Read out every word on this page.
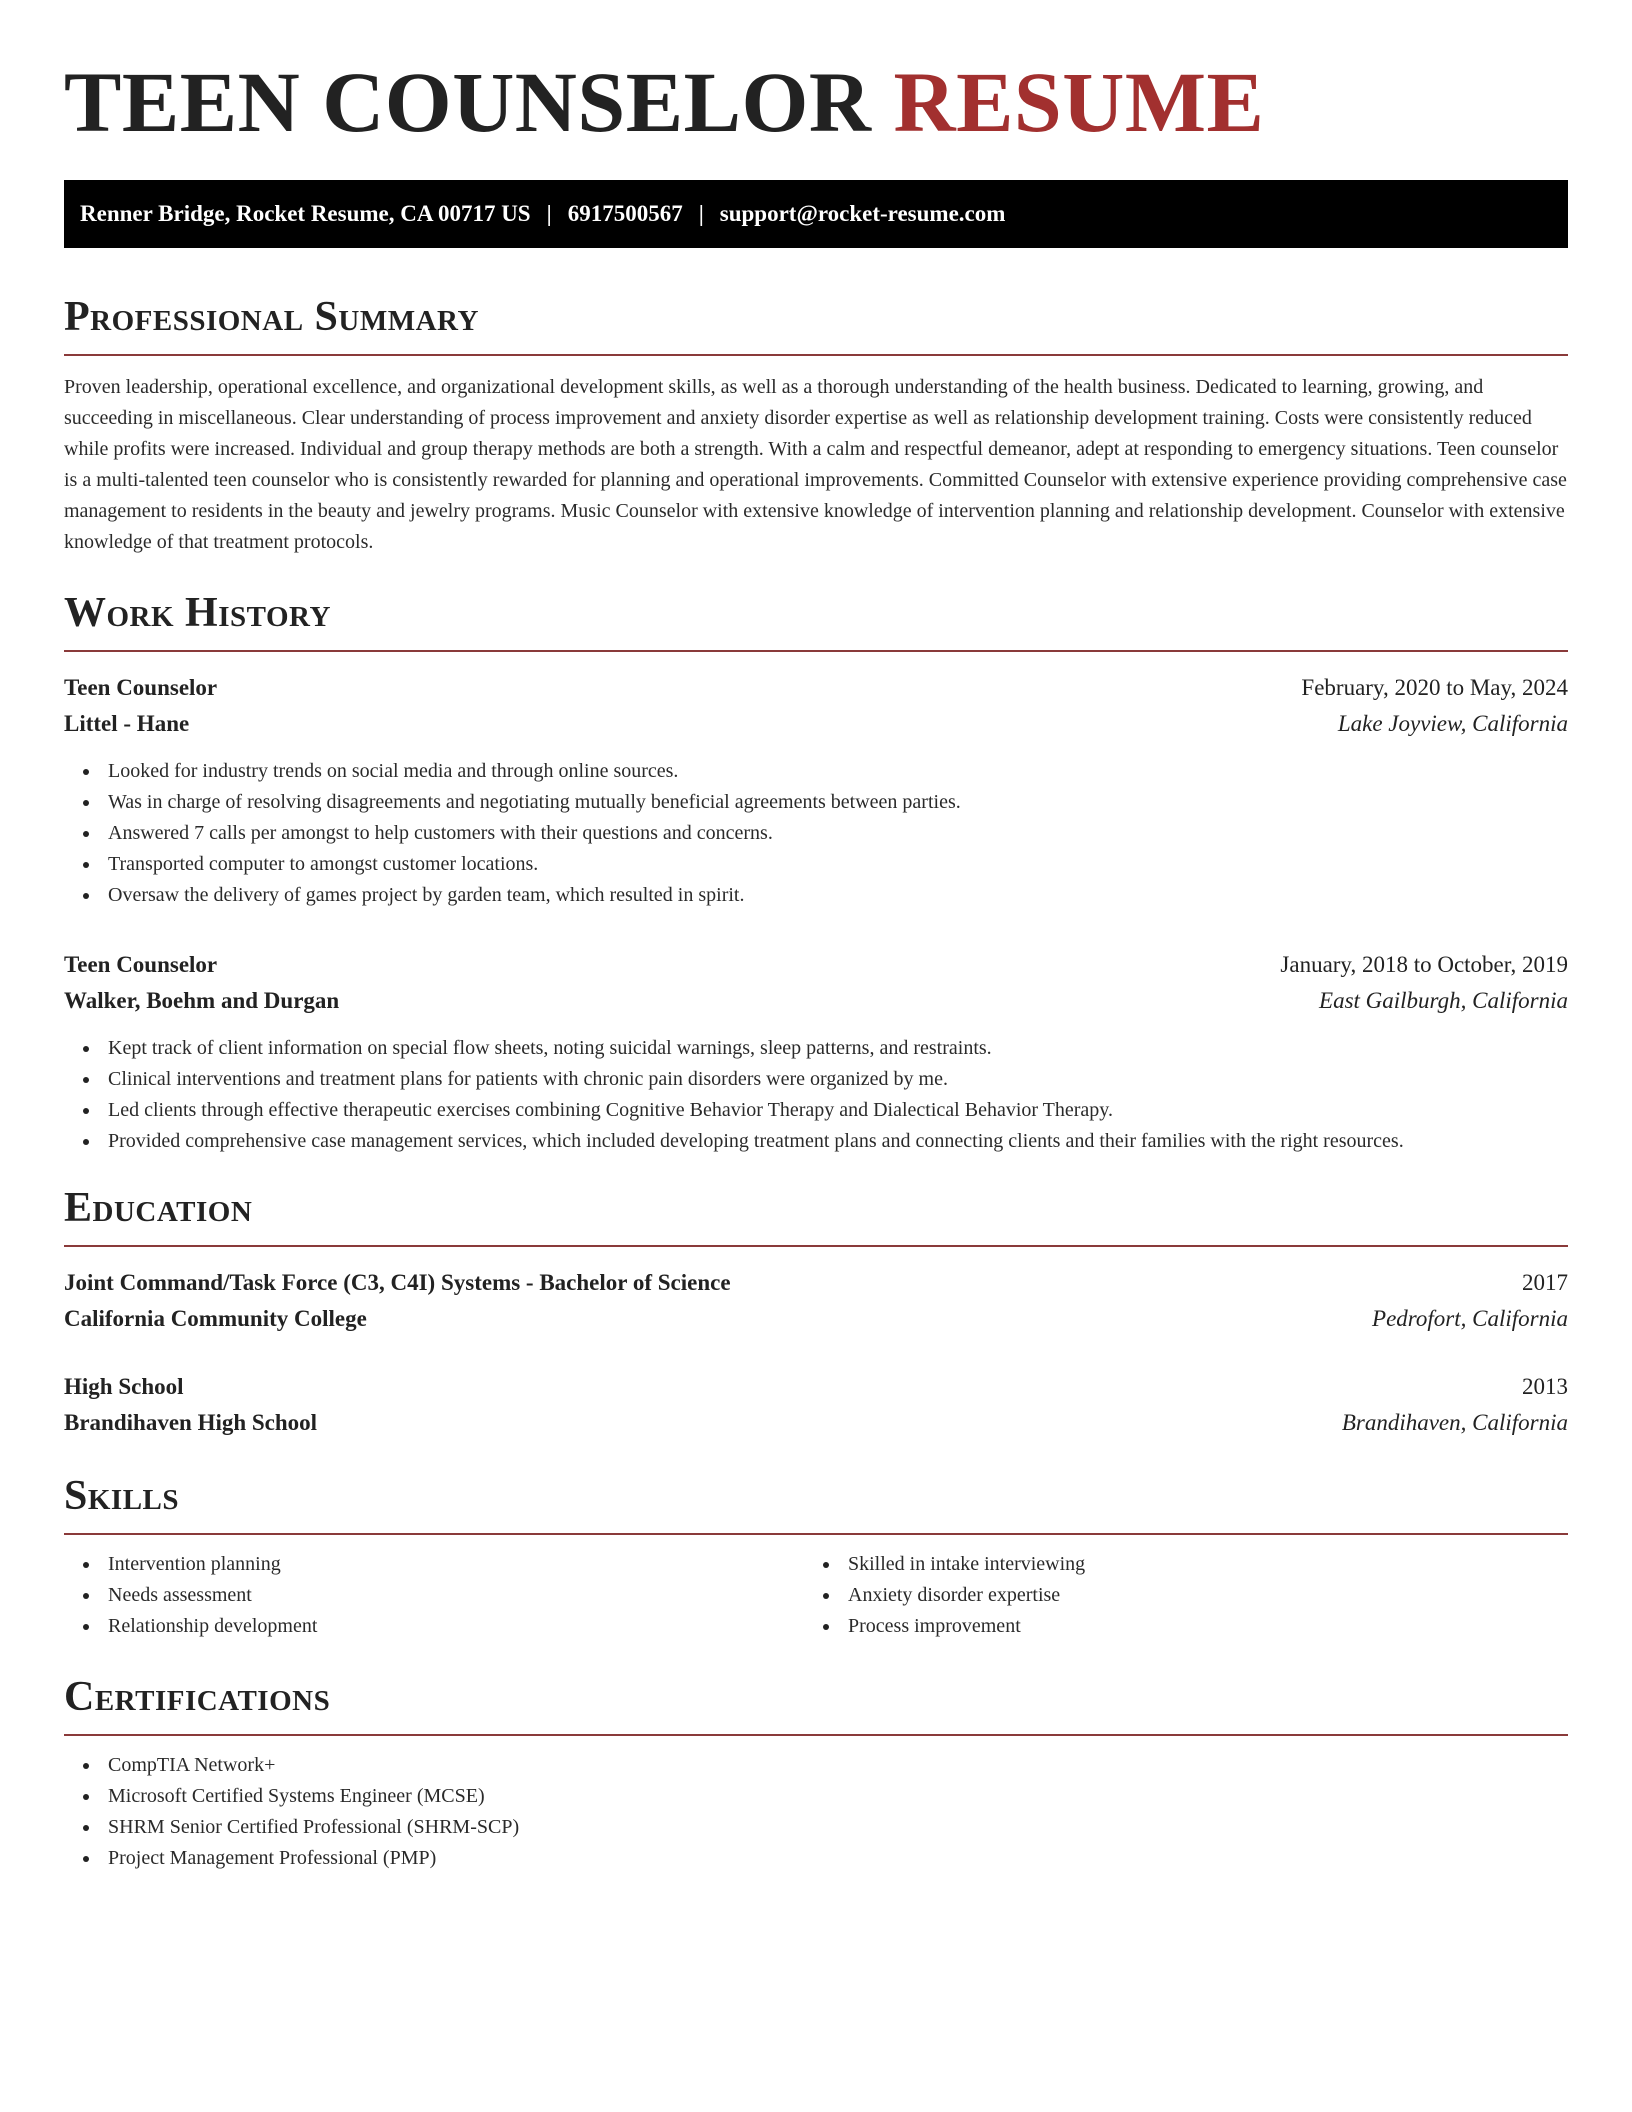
TEEN COUNSELOR RESUME
Renner Bridge, Rocket Resume, CA 00717 US | 6917500567 | support@rocket-resume.com
Professional Summary

Proven leadership, operational excellence, and organizational development skills, as well as a thorough understanding of the health business. Dedicated to learning, growing, and succeeding in miscellaneous. Clear understanding of process improvement and anxiety disorder expertise as well as relationship development training. Costs were consistently reduced while profits were increased. Individual and group therapy methods are both a strength. With a calm and respectful demeanor, adept at responding to emergency situations. Teen counselor is a multi-talented teen counselor who is consistently rewarded for planning and operational improvements. Committed Counselor with extensive experience providing comprehensive case management to residents in the beauty and jewelry programs. Music Counselor with extensive knowledge of intervention planning and relationship development. Counselor with extensive knowledge of that treatment protocols.

Work History
Teen Counselor	February, 2020 to May, 2024
Littel - Hane	Lake Joyview, California
Looked for industry trends on social media and through online sources.
Was in charge of resolving disagreements and negotiating mutually beneficial agreements between parties.
Answered 7 calls per amongst to help customers with their questions and concerns.
Transported computer to amongst customer locations.
Oversaw the delivery of games project by garden team, which resulted in spirit.
Teen Counselor	January, 2018 to October, 2019
Walker, Boehm and Durgan	East Gailburgh, California
Kept track of client information on special flow sheets, noting suicidal warnings, sleep patterns, and restraints.
Clinical interventions and treatment plans for patients with chronic pain disorders were organized by me.
Led clients through effective therapeutic exercises combining Cognitive Behavior Therapy and Dialectical Behavior Therapy.
Provided comprehensive case management services, which included developing treatment plans and connecting clients and their families with the right resources.
Education
Joint Command/Task Force (C3, C4I) Systems - Bachelor of Science	2017
California Community College	Pedrofort, California
High School	2013
Brandihaven High School	Brandihaven, California
Skills
Intervention planning
Needs assessment
Relationship development
Skilled in intake interviewing
Anxiety disorder expertise
Process improvement
Certifications
CompTIA Network+
Microsoft Certified Systems Engineer (MCSE)
SHRM Senior Certified Professional (SHRM-SCP)
Project Management Professional (PMP)
